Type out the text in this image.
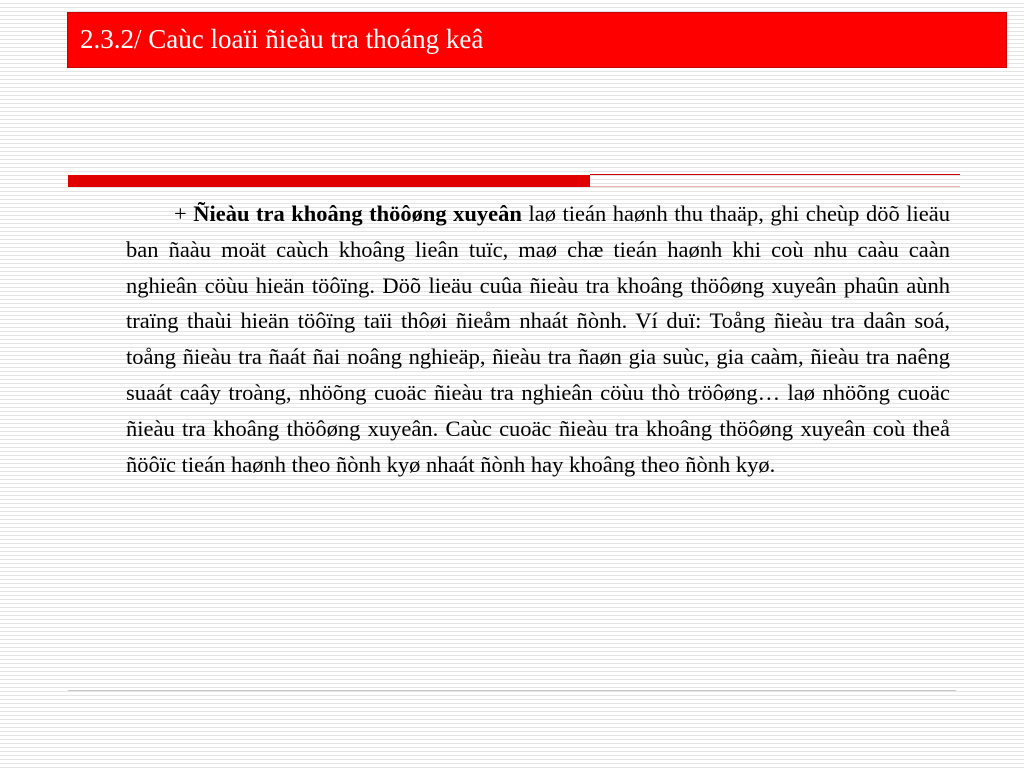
2.3.2/ Caùc loaïi ñieàu tra thoáng keâ

+ Ñieàu tra khoâng thöôøng xuyeân laø tieán haønh thu thaäp, ghi cheùp döõ lieäu ban ñaàu moät caùch khoâng lieân tuïc, maø chæ tieán haønh khi coù nhu caàu caàn nghieân cöùu hieän töôïng. Döõ lieäu cuûa ñieàu tra khoâng thöôøng xuyeân phaûn aùnh traïng thaùi hieän töôïng taïi thôøi ñieåm nhaát ñònh. Ví duï: Toång ñieàu tra daân soá, toång ñieàu tra ñaát ñai noâng nghieäp, ñieàu tra ñaøn gia suùc, gia caàm, ñieàu tra naêng suaát caây troàng, nhöõng cuoäc ñieàu tra nghieân cöùu thò tröôøng… laø nhöõng cuoäc ñieàu tra khoâng thöôøng xuyeân. Caùc cuoäc ñieàu tra khoâng thöôøng xuyeân coù theå ñöôïc tieán haønh theo ñònh kyø nhaát ñònh hay khoâng theo ñònh kyø.
